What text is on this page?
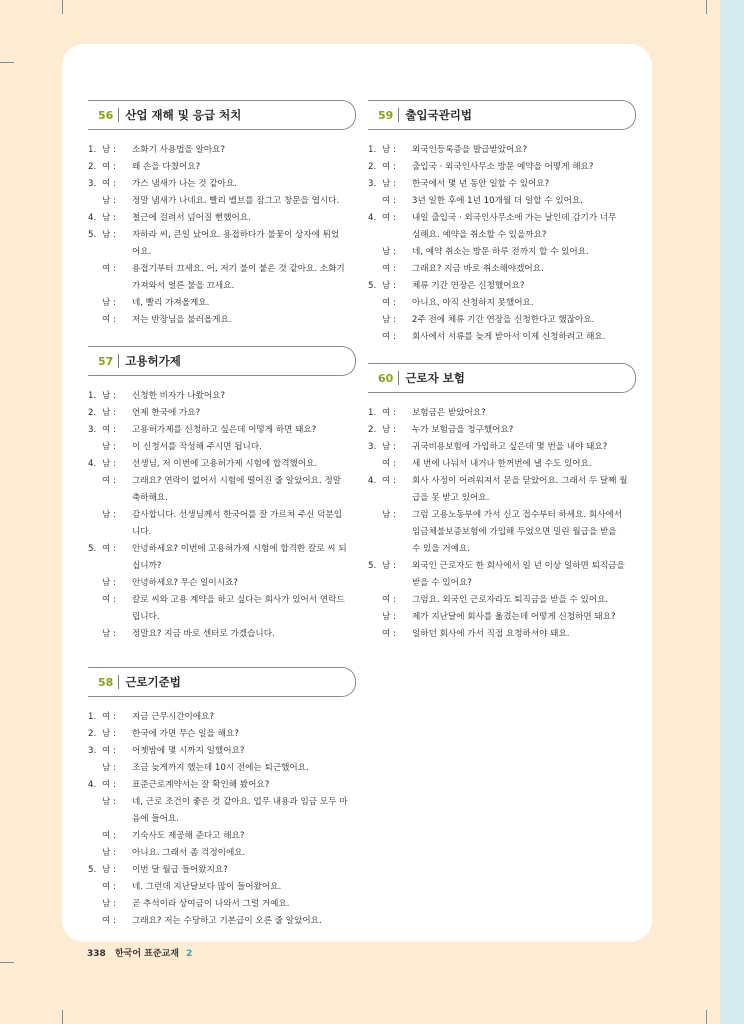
56 산업 재해 및 응급 처치
1. 남 :	소화기 사용법을 알아요?
2. 여 :	왜 손을 다쳤어요?
3. 여 :	가스 냄새가 나는 것 같아요.
남 :	정말 냄새가 나네요. 빨리 밸브를 잠그고 창문을 엽시다.
4. 남 :	철근에 걸려서 넘어질 뻔했어요.
5. 남 :	자하라 씨, 큰일 났어요. 용접하다가 불꽃이 상자에 튀었
어요.
여 :	용접기부터 끄세요. 어, 저기 불이 붙은 것 같아요. 소화기
가져와서 얼른 불을 끄세요.
남 :	네, 빨리 가져올게요.
여 :	저는 반장님을 불러올게요.
57 고용허가제
1. 남 :	신청한 비자가 나왔어요?
2. 남 :	언제 한국에 가요?
3. 여 :	고용허가제를 신청하고 싶은데 어떻게 하면 돼요?
남 :	이 신청서를 작성해 주시면 됩니다.
4. 남 :	선생님, 저 이번에 고용허가제 시험에 합격했어요.
여 :	그래요? 연락이 없어서 시험에 떨어진 줄 알았어요. 정말
축하해요.
남 :	감사합니다. 선생님께서 한국어를 잘 가르쳐 주신 덕분입
니다.
5. 여 :	안녕하세요? 이번에 고용허가제 시험에 합격한 칼로 씨 되
십니까?
남 :	안녕하세요? 무슨 일이시죠?
여 :	칼로 씨와 고용 계약을 하고 싶다는 회사가 있어서 연락드
립니다.
남 :	정말요? 지금 바로 센터로 가겠습니다.
58 근로기준법
1. 여 :	지금 근무시간이에요?
2. 남 :	한국에 가면 무슨 일을 해요?
3. 여 :	어젯밤에 몇 시까지 일했어요?
남 :	조금 늦게까지 했는데 10시 전에는 퇴근했어요.
4. 여 :	표준근로계약서는 잘 확인해 봤어요?
남 :	네, 근로 조건이 좋은 것 같아요. 업무 내용과 임금 모두 마
음에 들어요.
여 :	기숙사도 제공해 준다고 해요?
남 :	아니요. 그래서 좀 걱정이에요.
5. 남 :	이번 달 월급 들어왔지요?
여 :	네. 그런데 지난달보다 많이 들어왔어요.
남 :	곧 추석이라 상여금이 나와서 그럴 거예요.
여 :	그래요? 저는 수당하고 기본급이 오른 줄 알았어요.
59 출입국관리법
1. 남 :	외국인등록증을 발급받았어요?
2. 여 :	출입국 · 외국인사무소 방문 예약을 어떻게 해요?
3. 남 :	한국에서 몇 년 동안 일할 수 있어요?
여 :	3년 일한 후에 1년 10개월 더 일할 수 있어요.
4. 여 :	내일 출입국 · 외국인사무소에 가는 날인데 감기가 너무
심해요. 예약을 취소할 수 있을까요?
남 :	네, 예약 취소는 방문 하루 전까지 할 수 있어요.
여 :	그래요? 지금 바로 취소해야겠어요.
5. 남 :	체류 기간 연장은 신청했어요?
여 :	아니요, 아직 신청하지 못했어요.
남 :	2주 전에 체류 기간 연장을 신청한다고 했잖아요.
여 :	회사에서 서류를 늦게 받아서 이제 신청하려고 해요.
60 근로자 보험
1. 여 :	보험금은 받았어요?
2. 남 :	누가 보험금을 청구했어요?
3. 남 :	귀국비용보험에 가입하고 싶은데 몇 번을 내야 돼요?
여 :	세 번에 나눠서 내거나 한꺼번에 낼 수도 있어요.
4. 여 :	회사 사정이 어려워져서 문을 닫았어요. 그래서 두 달째 월
급을 못 받고 있어요.
남 :	그럼 고용노동부에 가서 신고 접수부터 하세요. 회사에서
임금체불보증보험에 가입해 두었으면 밀린 월급을 받을
수 있을 거예요.
5. 남 :	외국인 근로자도 한 회사에서 일 년 이상 일하면 퇴직금을
받을 수 있어요?
여 :	그럼요. 외국인 근로자라도 퇴직금을 받을 수 있어요.
남 :	제가 지난달에 회사를 옮겼는데 어떻게 신청하면 돼요?
여 :	일하던 회사에 가서 직접 요청하셔야 돼요.
338 한국어 표준교재 2
